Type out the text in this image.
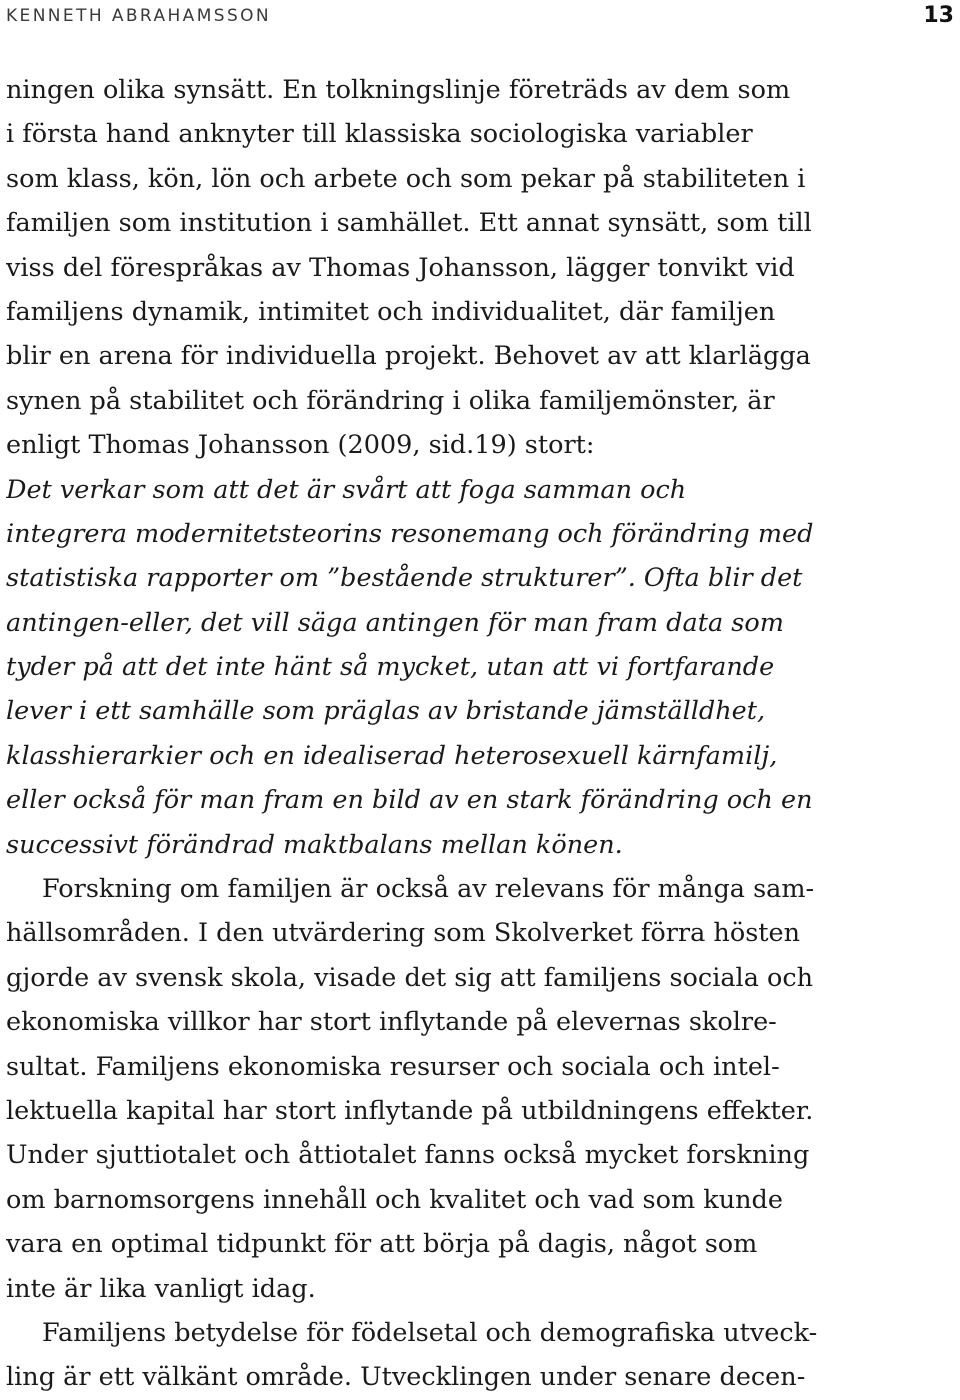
KENNETH ABRAHAMSSON	13
ningen olika synsätt. En tolkningslinje företräds av dem som
i första hand anknyter till klassiska sociologiska variabler
som klass, kön, lön och arbete och som pekar på stabiliteten i
familjen som institution i samhället. Ett annat synsätt, som till
viss del förespråkas av Thomas Johansson, lägger tonvikt vid
familjens dynamik, intimitet och individualitet, där familjen
blir en arena för individuella projekt. Behovet av att klarlägga
synen på stabilitet och förändring i olika familjemönster, är
enligt Thomas Johansson (2009, sid.19) stort:
Det verkar som att det är svårt att foga samman och
integrera modernitetsteorins resonemang och förändring med
statistiska rapporter om ”bestående strukturer”. Ofta blir det
antingen-eller, det vill säga antingen för man fram data som
tyder på att det inte hänt så mycket, utan att vi fortfarande
lever i ett samhälle som präglas av bristande jämställdhet,
klasshierarkier och en idealiserad heterosexuell kärnfamilj,
eller också för man fram en bild av en stark förändring och en
successivt förändrad maktbalans mellan könen.
Forskning om familjen är också av relevans för många sam-
hällsområden. I den utvärdering som Skolverket förra hösten
gjorde av svensk skola, visade det sig att familjens sociala och
ekonomiska villkor har stort inflytande på elevernas skolre-
sultat. Familjens ekonomiska resurser och sociala och intel-
lektuella kapital har stort inflytande på utbildningens effekter.
Under sjuttiotalet och åttiotalet fanns också mycket forskning
om barnomsorgens innehåll och kvalitet och vad som kunde
vara en optimal tidpunkt för att börja på dagis, något som
inte är lika vanligt idag.
Familjens betydelse för födelsetal och demografiska utveck-
ling är ett välkänt område. Utvecklingen under senare decen-
